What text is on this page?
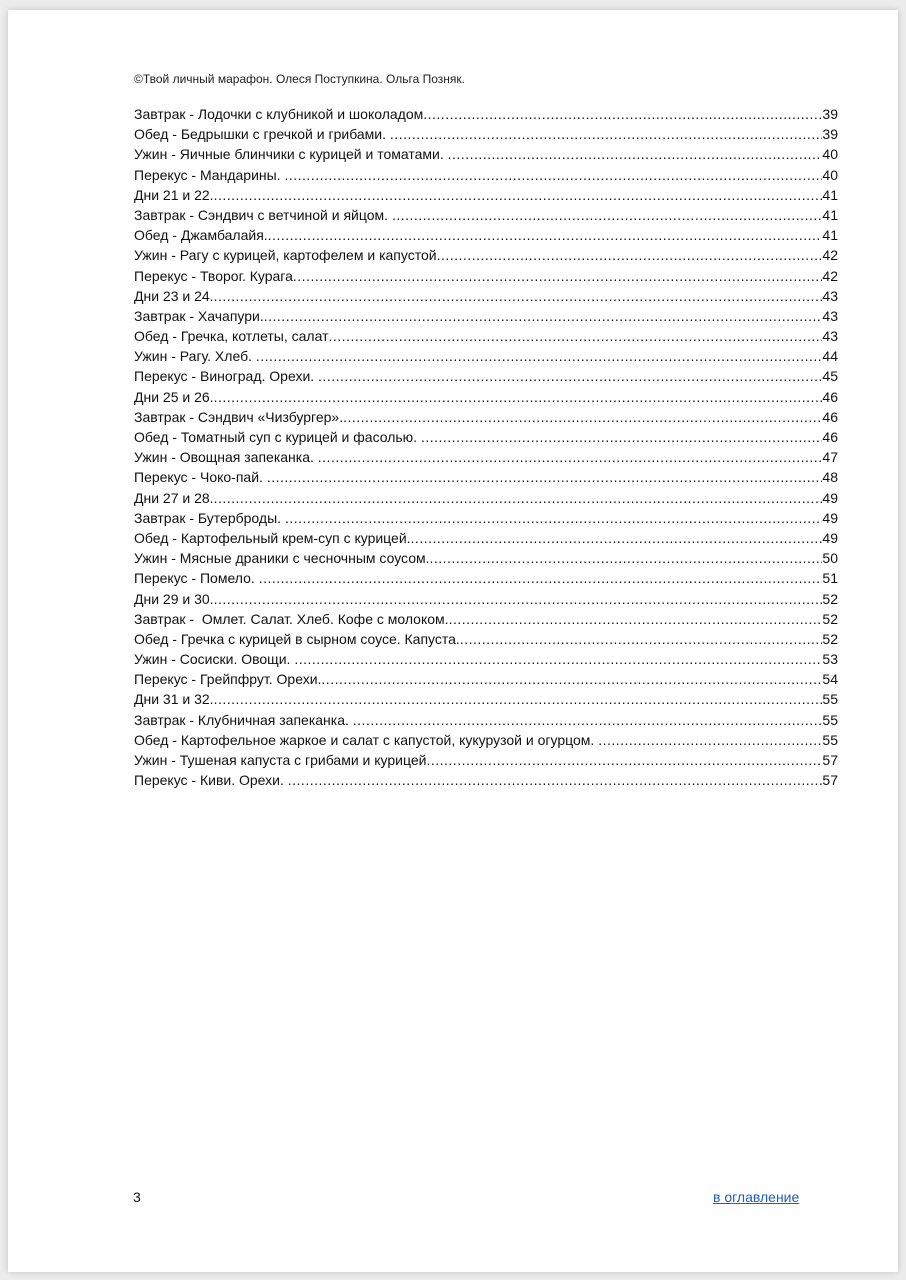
©Твой личный марафон. Олеся Поступкина. Ольга Позняк.
Завтрак - Лодочки с клубникой и шоколадом .....	39
Обед - Бедрышки с гречкой и грибами. .....	39
Ужин - Яичные блинчики с курицей и томатами. .....	40
Перекус - Мандарины. .....	40
Дни 21 и 22. .....	41
Завтрак - Сэндвич с ветчиной и яйцом. .....	41
Обед - Джамбалайя. .....	41
Ужин - Рагу с курицей, картофелем и капустой .....	42
Перекус - Творог. Курага .....	42
Дни 23 и 24. .....	43
Завтрак - Хачапури. .....	43
Обед - Гречка, котлеты, салат .....	43
Ужин - Рагу. Хлеб. .....	44
Перекус - Виноград. Орехи. .....	45
Дни 25 и 26. .....	46
Завтрак - Сэндвич «Чизбургер». .....	46
Обед - Томатный суп с курицей и фасолью. .....	46
Ужин - Овощная запеканка. .....	47
Перекус - Чоко-пай. .....	48
Дни 27 и 28. .....	49
Завтрак - Бутерброды. .....	49
Обед - Картофельный крем-суп с курицей. .....	49
Ужин - Мясные драники с чесночным соусом. .....	50
Перекус - Помело. .....	51
Дни 29 и 30. .....	52
Завтрак -  Омлет. Салат. Хлеб. Кофе с молоком. .....	52
Обед - Гречка с курицей в сырном соусе. Капуста. .....	52
Ужин - Сосиски. Овощи. .....	53
Перекус - Грейпфрут. Орехи. .....	54
Дни 31 и 32. .....	55
Завтрак - Клубничная запеканка. .....	55
Обед - Картофельное жаркое и салат с капустой, кукурузой и огурцом. .....	55
Ужин - Тушеная капуста с грибами и курицей .....	57
Перекус - Киви. Орехи. .....	57
3	в оглавление
